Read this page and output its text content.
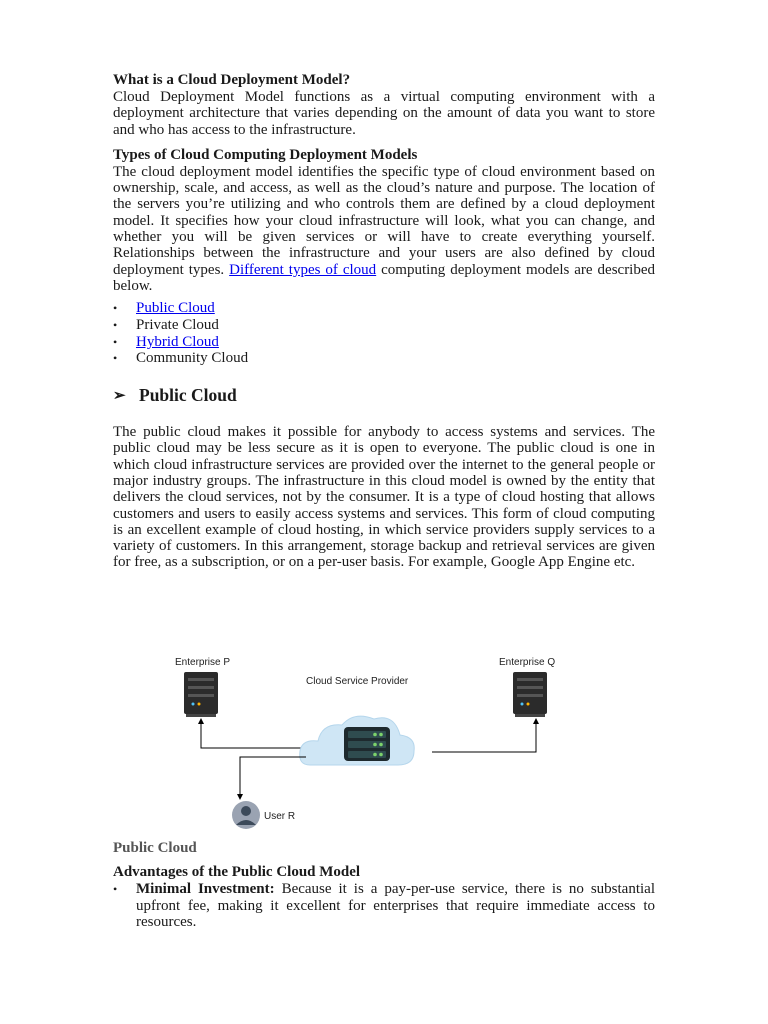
What is a Cloud Deployment Model?

Cloud Deployment Model functions as a virtual computing environment with a deployment architecture that varies depending on the amount of data you want to store and who has access to the infrastructure.

Types of Cloud Computing Deployment Models

The cloud deployment model identifies the specific type of cloud environment based on ownership, scale, and access, as well as the cloud’s nature and purpose. The location of the servers you’re utilizing and who controls them are defined by a cloud deployment model. It specifies how your cloud infrastructure will look, what you can change, and whether you will be given services or will have to create everything yourself. Relationships between the infrastructure and your users are also defined by cloud deployment types. Different types of cloud computing deployment models are described below.

• Public Cloud
• Private Cloud
• Hybrid Cloud
• Community Cloud
➢ Public Cloud

The public cloud makes it possible for anybody to access systems and services. The public cloud may be less secure as it is open to everyone. The public cloud is one in which cloud infrastructure services are provided over the internet to the general people or major industry groups. The infrastructure in this cloud model is owned by the entity that delivers the cloud services, not by the consumer. It is a type of cloud hosting that allows customers and users to easily access systems and services. This form of cloud computing is an excellent example of cloud hosting, in which service providers supply services to a variety of customers. In this arrangement, storage backup and retrieval services are given for free, as a subscription, or on a per-user basis. For example, Google App Engine etc.

Enterprise P
Cloud Service Provider
User R
Enterprise Q
Public Cloud

Advantages of the Public Cloud Model

• Minimal Investment: Because it is a pay-per-use service, there is no substantial upfront fee, making it excellent for enterprises that require immediate access to resources.
